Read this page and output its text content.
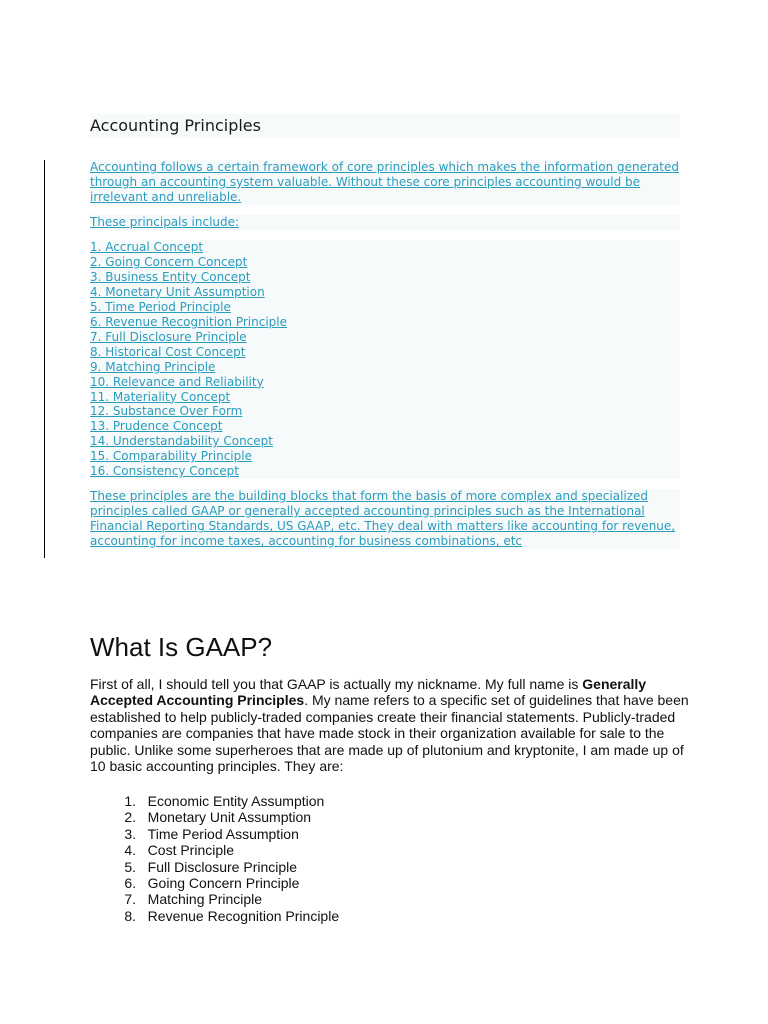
Accounting Principles

Accounting follows a certain framework of core principles which makes the information generated through an accounting system valuable. Without these core principles accounting would be irrelevant and unreliable.

These principals include:

1. Accrual Concept
2. Going Concern Concept
3. Business Entity Concept
4. Monetary Unit Assumption
5. Time Period Principle
6. Revenue Recognition Principle
7. Full Disclosure Principle
8. Historical Cost Concept
9. Matching Principle
10. Relevance and Reliability
11. Materiality Concept
12. Substance Over Form
13. Prudence Concept
14. Understandability Concept
15. Comparability Principle
16. Consistency Concept

These principles are the building blocks that form the basis of more complex and specialized principles called GAAP or generally accepted accounting principles such as the International Financial Reporting Standards, US GAAP, etc. They deal with matters like accounting for revenue, accounting for income taxes, accounting for business combinations, etc

What Is GAAP?

First of all, I should tell you that GAAP is actually my nickname. My full name is Generally Accepted Accounting Principles. My name refers to a specific set of guidelines that have been established to help publicly-traded companies create their financial statements. Publicly-traded companies are companies that have made stock in their organization available for sale to the public. Unlike some superheroes that are made up of plutonium and kryptonite, I am made up of 10 basic accounting principles. They are:

1.
Economic Entity Assumption
2.
Monetary Unit Assumption
3.
Time Period Assumption
4.
Cost Principle
5.
Full Disclosure Principle
6.
Going Concern Principle
7.
Matching Principle
8.
Revenue Recognition Principle
